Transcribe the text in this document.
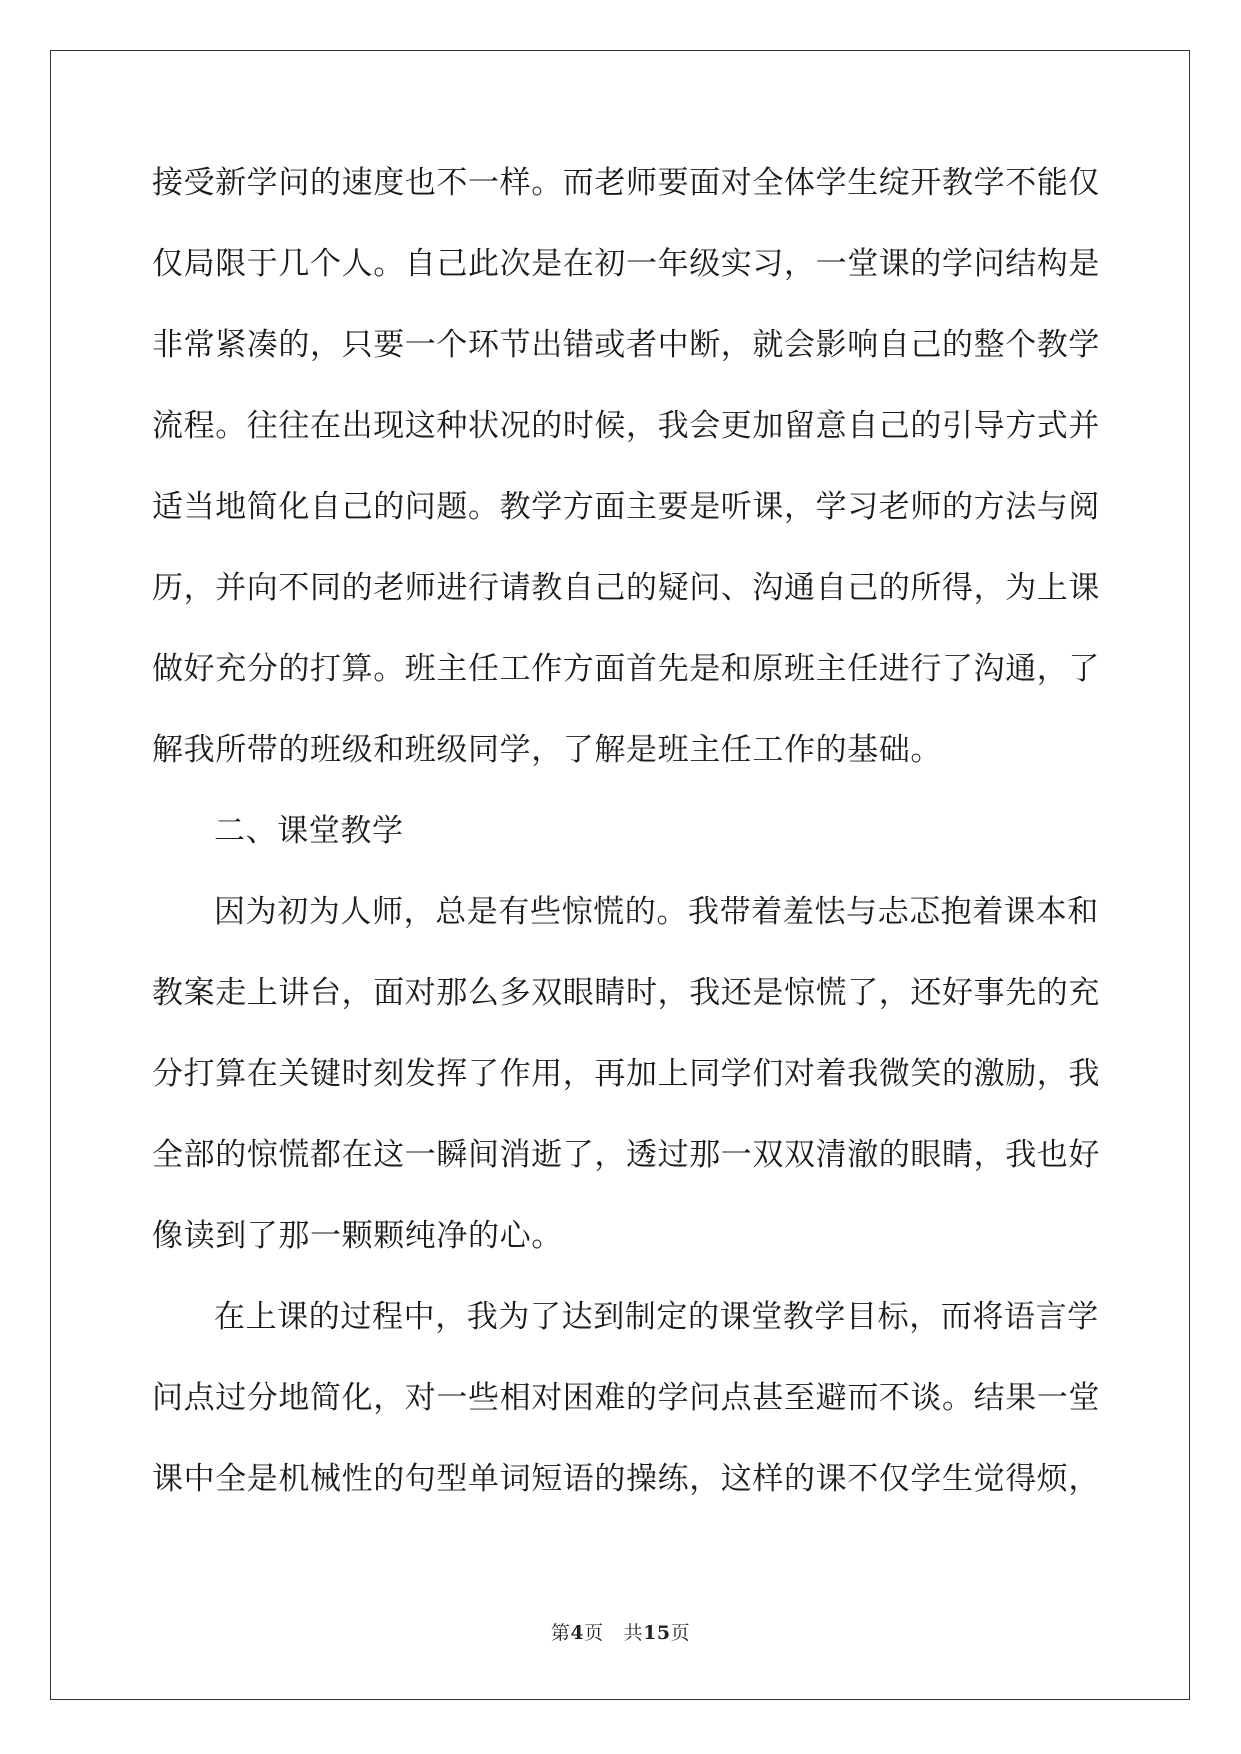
接受新学问的速度也不一样。而老师要面对全体学生绽开教学不能仅
仅局限于几个人。自己此次是在初一年级实习，一堂课的学问结构是
非常紧凑的，只要一个环节出错或者中断，就会影响自己的整个教学
流程。往往在出现这种状况的时候，我会更加留意自己的引导方式并
适当地简化自己的问题。教学方面主要是听课，学习老师的方法与阅
历，并向不同的老师进行请教自己的疑问、沟通自己的所得，为上课
做好充分的打算。班主任工作方面首先是和原班主任进行了沟通，了
解我所带的班级和班级同学，了解是班主任工作的基础。
二、课堂教学
因为初为人师，总是有些惊慌的。我带着羞怯与忐忑抱着课本和
教案走上讲台，面对那么多双眼睛时，我还是惊慌了，还好事先的充
分打算在关键时刻发挥了作用，再加上同学们对着我微笑的激励，我
全部的惊慌都在这一瞬间消逝了，透过那一双双清澈的眼睛，我也好
像读到了那一颗颗纯净的心。
在上课的过程中，我为了达到制定的课堂教学目标，而将语言学
问点过分地简化，对一些相对困难的学问点甚至避而不谈。结果一堂
课中全是机械性的句型单词短语的操练，这样的课不仅学生觉得烦，
第4页 共15页
